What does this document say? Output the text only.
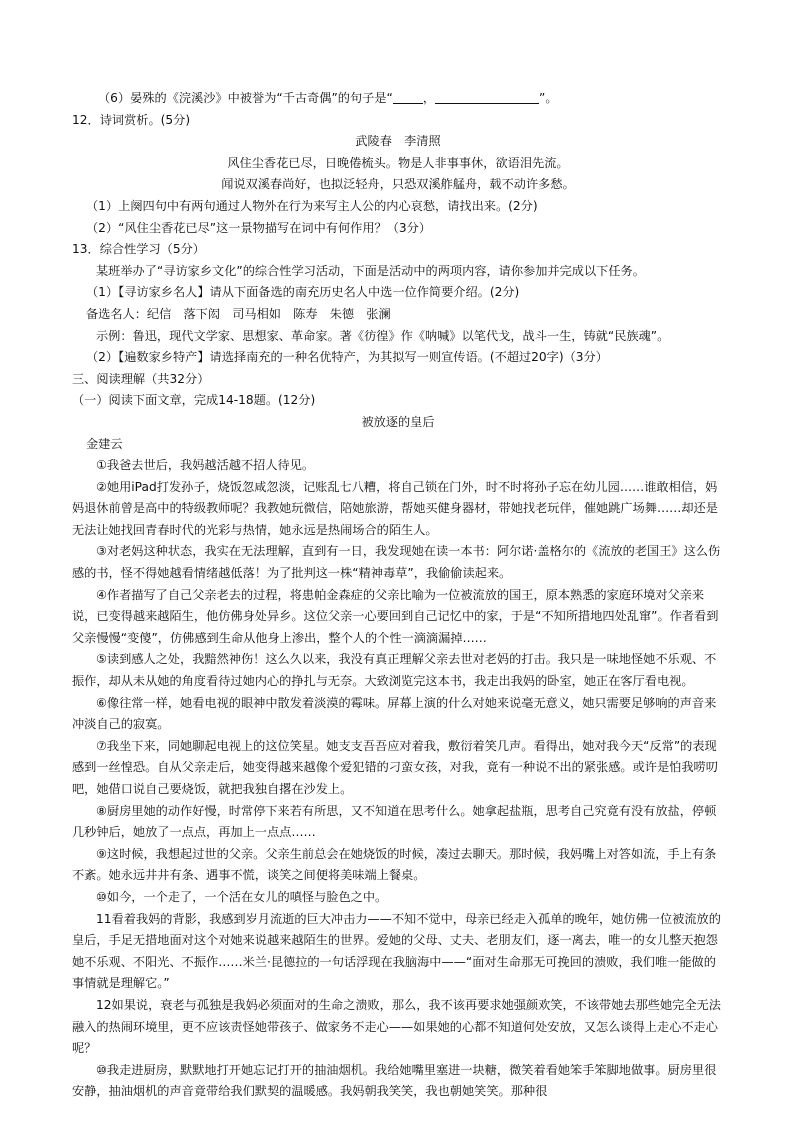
（6）晏殊的《浣溪沙》中被誉为“千古奇偶”的句子是“ ，	”。

12．诗词赏析。(5分)

武陵春　李清照

风住尘香花已尽，日晚倦梳头。物是人非事事休，欲语泪先流。

闻说双溪春尚好，也拟泛轻舟，只恐双溪舴艋舟，载不动许多愁。

（1）上阕四句中有两句通过人物外在行为来写主人公的内心哀愁，请找出来。(2分)

（2）“风住尘香花已尽”这一景物描写在词中有何作用？（3分）

13．综合性学习（5分）

某班举办了“寻访家乡文化”的综合性学习活动，下面是活动中的两项内容，请你参加并完成以下任务。

（1）【寻访家乡名人】请从下面备选的南充历史名人中选一位作简要介绍。(2分)

备选名人：纪信　落下闳　司马相如　陈寿　朱德　张澜

示例：鲁迅，现代文学家、思想家、革命家。著《彷徨》作《呐喊》以笔代戈，战斗一生，铸就“民族魂”。

（2）【遍数家乡特产】请选择南充的一种名优特产，为其拟写一则宣传语。(不超过20字)（3分）

三、阅读理解（共32分）

（一）阅读下面文章，完成14-18题。(12分)

被放逐的皇后

金建云

①我爸去世后，我妈越活越不招人待见。

②她用iPad打发孙子，烧饭忽咸忽淡，记账乱七八糟，将自己锁在门外，时不时将孙子忘在幼儿园……谁敢相信，妈妈退休前曾是高中的特级教师呢？我教她玩微信，陪她旅游，帮她买健身器材，带她找老玩伴，催她跳广场舞……却还是无法让她找回青春时代的光彩与热情，她永远是热闹场合的陌生人。

③对老妈这种状态，我实在无法理解，直到有一日，我发现她在读一本书：阿尔诺·盖格尔的《流放的老国王》这么伤感的书，怪不得她越看情绪越低落！为了批判这一株“精神毒草”，我偷偷读起来。

④作者描写了自己父亲老去的过程，将患帕金森症的父亲比喻为一位被流放的国王，原本熟悉的家庭环境对父亲来说，已变得越来越陌生，他仿佛身处异乡。这位父亲一心要回到自己记忆中的家，于是“不知所措地四处乱窜”。作者看到父亲慢慢“变傻”，仿佛感到生命从他身上渗出，整个人的个性一滴滴漏掉……

⑤读到感人之处，我黯然神伤！这么久以来，我没有真正理解父亲去世对老妈的打击。我只是一味地怪她不乐观、不振作，却从未从她的角度看待过她内心的挣扎与无奈。大致浏览完这本书，我走出我妈的卧室，她正在客厅看电视。

⑥像往常一样，她看电视的眼神中散发着淡漠的霉味。屏幕上演的什么对她来说毫无意义，她只需要足够响的声音来冲淡自己的寂寞。

⑦我坐下来，同她聊起电视上的这位笑星。她支支吾吾应对着我，敷衍着笑几声。看得出，她对我今天“反常”的表现感到一丝惶恐。自从父亲走后，她变得越来越像个爱犯错的刁蛮女孩，对我，竟有一种说不出的紧张感。或许是怕我唠叨吧，她借口说自己要烧饭，就把我独自撂在沙发上。

⑧厨房里她的动作好慢，时常停下来若有所思，又不知道在思考什么。她拿起盐瓶，思考自己究竟有没有放盐，停顿几秒钟后，她放了一点点，再加上一点点……

⑨这时候，我想起过世的父亲。父亲生前总会在她烧饭的时候，凑过去聊天。那时候，我妈嘴上对答如流，手上有条不紊。她永远井井有条、遇事不慌，谈笑之间便将美味端上餐桌。

⑩如今，一个走了，一个活在女儿的嗔怪与脸色之中。

11看着我妈的背影，我感到岁月流逝的巨大冲击力——不知不觉中，母亲已经走入孤单的晚年，她仿佛一位被流放的皇后，手足无措地面对这个对她来说越来越陌生的世界。爱她的父母、丈夫、老朋友们，逐一离去，唯一的女儿整天抱怨她不乐观、不阳光、不振作……米兰·昆德拉的一句话浮现在我脑海中——“面对生命那无可挽回的溃败，我们唯一能做的事情就是理解它。”

12如果说，衰老与孤独是我妈必须面对的生命之溃败，那么，我不该再要求她强颜欢笑，不该带她去那些她完全无法融入的热闹环境里，更不应该责怪她带孩子、做家务不走心——如果她的心都不知道何处安放，又怎么谈得上走心不走心呢？

⑩我走进厨房，默默地打开她忘记打开的抽油烟机。我给她嘴里塞进一块糖，微笑着看她笨手笨脚地做事。厨房里很安静，抽油烟机的声音竟带给我们默契的温暖感。我妈朝我笑笑，我也朝她笑笑。那种很
